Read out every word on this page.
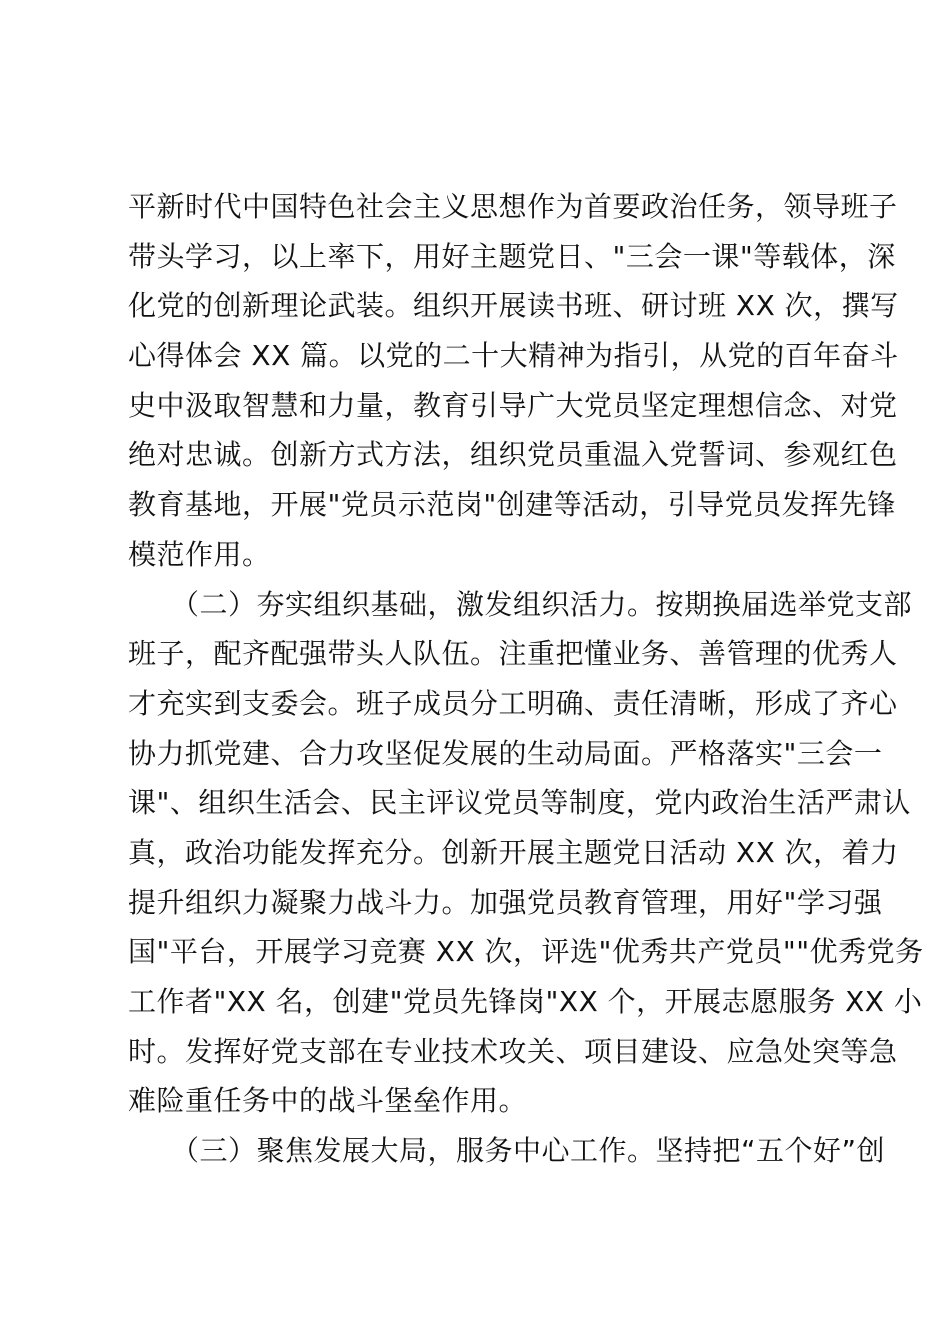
平新时代中国特色社会主义思想作为首要政治任务，领导班子
带头学习，以上率下，用好主题党日、"三会一课"等载体，深
化党的创新理论武装。组织开展读书班、研讨班 XX 次，撰写
心得体会 XX 篇。以党的二十大精神为指引，从党的百年奋斗
史中汲取智慧和力量，教育引导广大党员坚定理想信念、对党
绝对忠诚。创新方式方法，组织党员重温入党誓词、参观红色
教育基地，开展"党员示范岗"创建等活动，引导党员发挥先锋
模范作用。
　　（二）夯实组织基础，激发组织活力。按期换届选举党支部
班子，配齐配强带头人队伍。注重把懂业务、善管理的优秀人
才充实到支委会。班子成员分工明确、责任清晰，形成了齐心
协力抓党建、合力攻坚促发展的生动局面。严格落实"三会一
课"、组织生活会、民主评议党员等制度，党内政治生活严肃认
真，政治功能发挥充分。创新开展主题党日活动 XX 次，着力
提升组织力凝聚力战斗力。加强党员教育管理，用好"学习强
国"平台，开展学习竞赛 XX 次，评选"优秀共产党员""优秀党务
工作者"XX 名，创建"党员先锋岗"XX 个，开展志愿服务 XX 小
时。发挥好党支部在专业技术攻关、项目建设、应急处突等急
难险重任务中的战斗堡垒作用。
　　（三）聚焦发展大局，服务中心工作。坚持把“五个好”创
